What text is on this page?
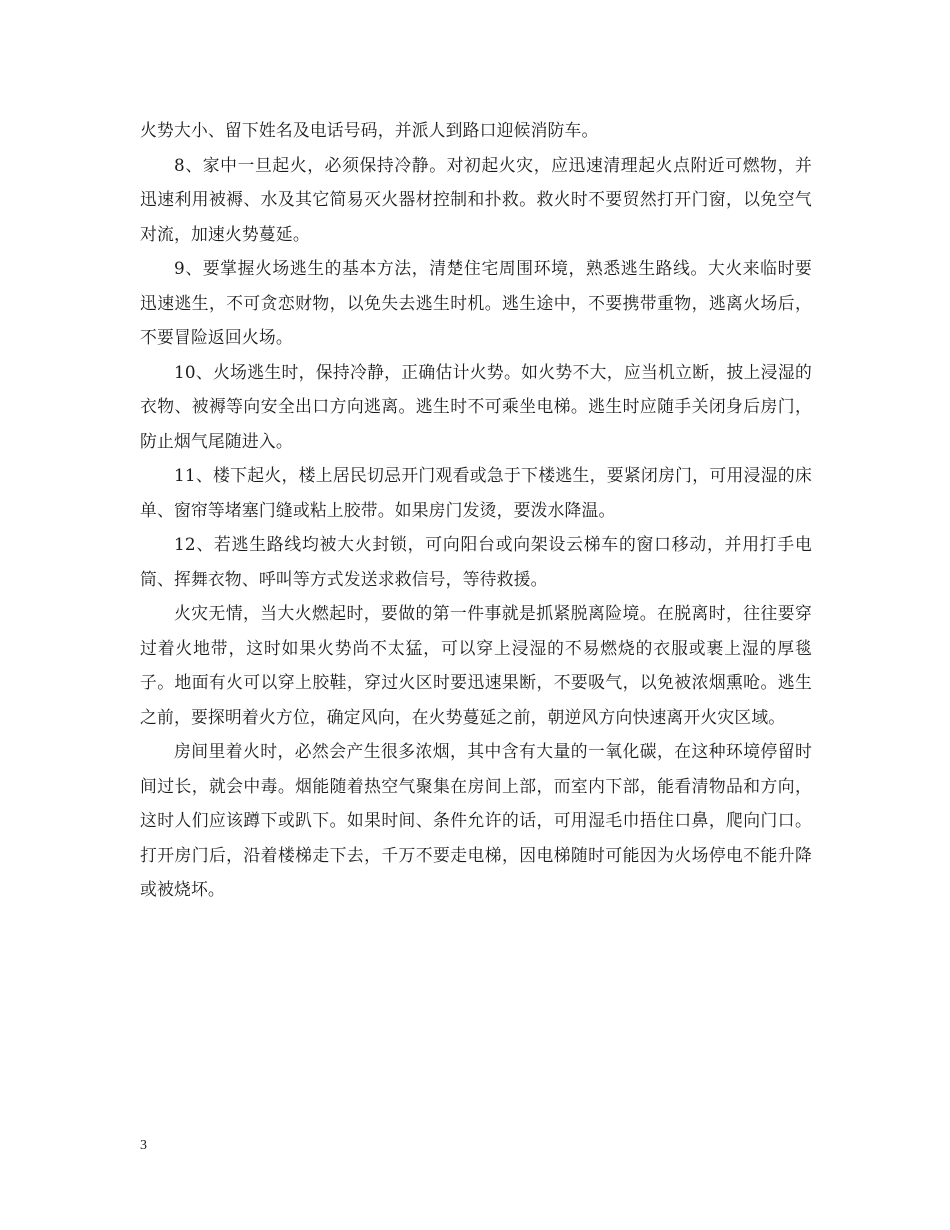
火势大小、留下姓名及电话号码，并派人到路口迎候消防车。

8、家中一旦起火，必须保持冷静。对初起火灾，应迅速清理起火点附近可燃物，并迅速利用被褥、水及其它简易灭火器材控制和扑救。救火时不要贸然打开门窗，以免空气对流，加速火势蔓延。

9、要掌握火场逃生的基本方法，清楚住宅周围环境，熟悉逃生路线。大火来临时要迅速逃生，不可贪恋财物，以免失去逃生时机。逃生途中，不要携带重物，逃离火场后，不要冒险返回火场。

10、火场逃生时，保持冷静，正确估计火势。如火势不大，应当机立断，披上浸湿的衣物、被褥等向安全出口方向逃离。逃生时不可乘坐电梯。逃生时应随手关闭身后房门，防止烟气尾随进入。

11、楼下起火，楼上居民切忌开门观看或急于下楼逃生，要紧闭房门，可用浸湿的床单、窗帘等堵塞门缝或粘上胶带。如果房门发烫，要泼水降温。

12、若逃生路线均被大火封锁，可向阳台或向架设云梯车的窗口移动，并用打手电筒、挥舞衣物、呼叫等方式发送求救信号，等待救援。

火灾无情，当大火燃起时，要做的第一件事就是抓紧脱离险境。在脱离时，往往要穿过着火地带，这时如果火势尚不太猛，可以穿上浸湿的不易燃烧的衣服或裹上湿的厚毯子。地面有火可以穿上胶鞋，穿过火区时要迅速果断，不要吸气，以免被浓烟熏呛。逃生之前，要探明着火方位，确定风向，在火势蔓延之前，朝逆风方向快速离开火灾区域。

房间里着火时，必然会产生很多浓烟，其中含有大量的一氧化碳，在这种环境停留时间过长，就会中毒。烟能随着热空气聚集在房间上部，而室内下部，能看清物品和方向，这时人们应该蹲下或趴下。如果时间、条件允许的话，可用湿毛巾捂住口鼻，爬向门口。打开房门后，沿着楼梯走下去，千万不要走电梯，因电梯随时可能因为火场停电不能升降或被烧坏。

3
